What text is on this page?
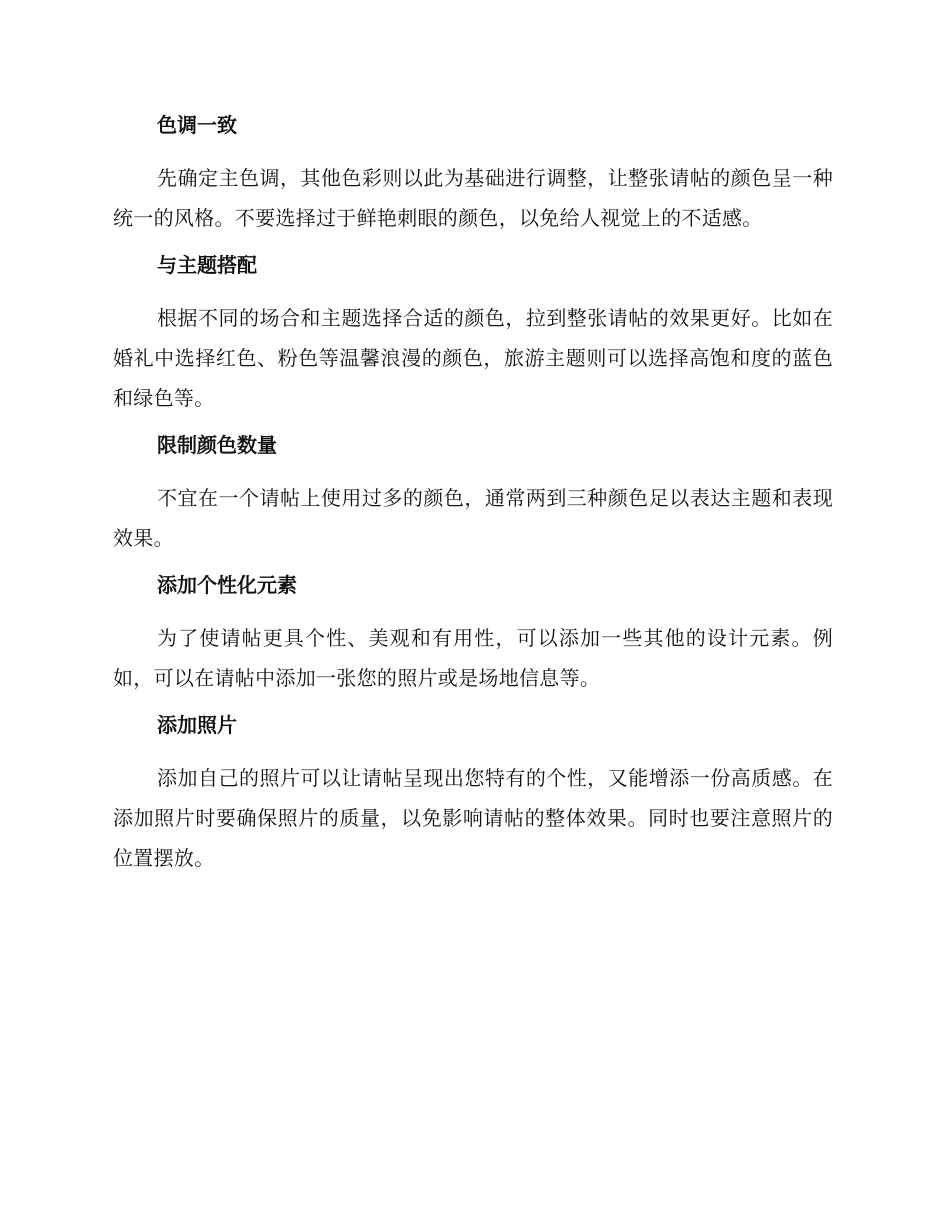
色调一致

先确定主色调，其他色彩则以此为基础进行调整，让整张请帖的颜色呈一种统一的风格。不要选择过于鲜艳刺眼的颜色，以免给人视觉上的不适感。

与主题搭配

根据不同的场合和主题选择合适的颜色，拉到整张请帖的效果更好。比如在婚礼中选择红色、粉色等温馨浪漫的颜色，旅游主题则可以选择高饱和度的蓝色和绿色等。

限制颜色数量

不宜在一个请帖上使用过多的颜色，通常两到三种颜色足以表达主题和表现效果。

添加个性化元素

为了使请帖更具个性、美观和有用性，可以添加一些其他的设计元素。例如，可以在请帖中添加一张您的照片或是场地信息等。

添加照片

添加自己的照片可以让请帖呈现出您特有的个性，又能增添一份高质感。在添加照片时要确保照片的质量，以免影响请帖的整体效果。同时也要注意照片的位置摆放。
